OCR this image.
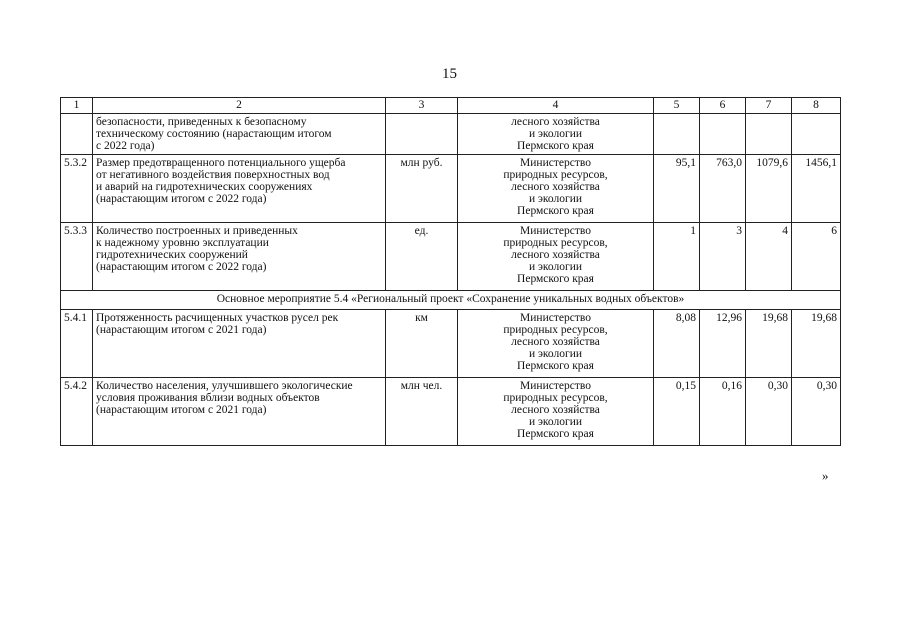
15
1	2	3	4	5	6	7	8
	безопасности, приведенных к безопасному
техническому состоянию (нарастающим итогом
с 2022 года)		лесного хозяйства
и экологии
Пермского края				
5.3.2	Размер предотвращенного потенциального ущерба
от негативного воздействия поверхностных вод
и аварий на гидротехнических сооружениях
(нарастающим итогом с 2022 года)	млн руб.	Министерство
природных ресурсов,
лесного хозяйства
и экологии
Пермского края	95,1	763,0	1079,6	1456,1
5.3.3	Количество построенных и приведенных
к надежному уровню эксплуатации
гидротехнических сооружений
(нарастающим итогом с 2022 года)	ед.	Министерство
природных ресурсов,
лесного хозяйства
и экологии
Пермского края	1	3	4	6
Основное мероприятие 5.4 «Региональный проект «Сохранение уникальных водных объектов»							
5.4.1	Протяженность расчищенных участков русел рек
(нарастающим итогом с 2021 года)	км	Министерство
природных ресурсов,
лесного хозяйства
и экологии
Пермского края	8,08	12,96	19,68	19,68
5.4.2	Количество населения, улучшившего экологические
условия проживания вблизи водных объектов
(нарастающим итогом с 2021 года)	млн чел.	Министерство
природных ресурсов,
лесного хозяйства
и экологии
Пермского края	0,15	0,16	0,30	0,30
»
